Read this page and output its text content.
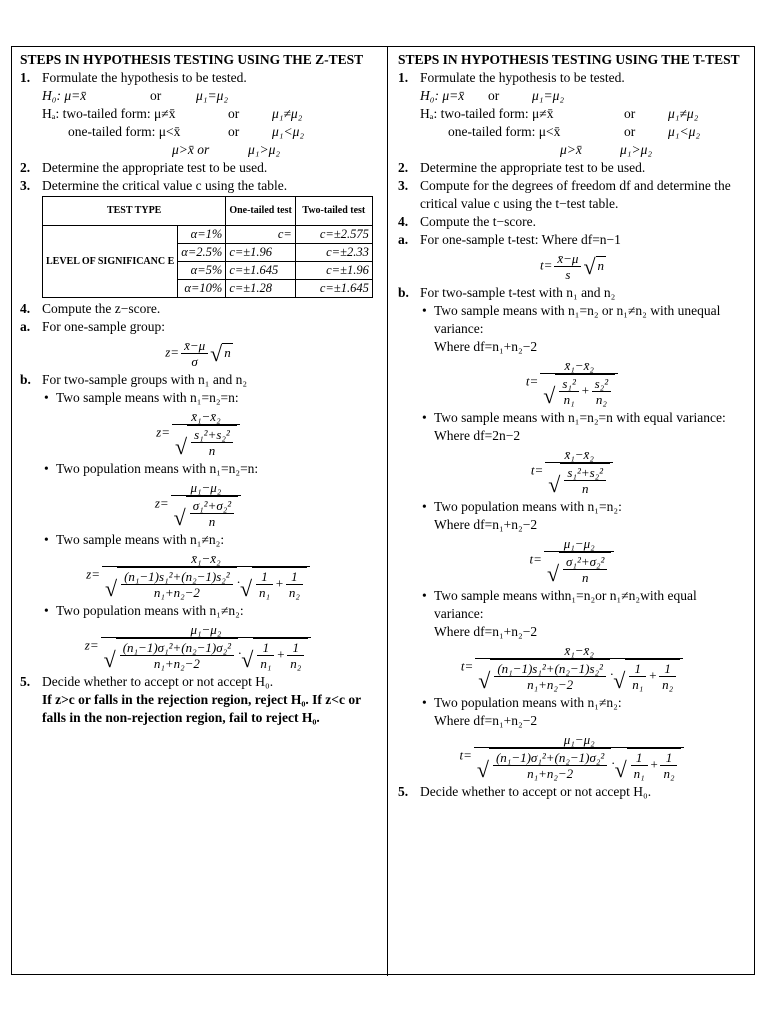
STEPS IN HYPOTHESIS TESTING USING THE Z-TEST

1. Formulate the hypothesis to be tested.
H₀: μ=x̄	or	μ₁=μ₂
Hₐ: two-tailed form: μ≠x̄	or μ₁≠μ₂
one-tailed form: μ<x̄	or μ₁<μ₂
μ>x̄ or	μ₁>μ₂
2. Determine the appropriate test to be used.
3. Determine the critical value c using the table.
TEST TYPE		One-tailed test	Two-tailed test
LEVEL OF SIGNIFICANC E	α=1%	c=	c=±2.575
	α=2.5%	c=±1.96	c=±2.33
	α=5%	c=±1.645	c=±1.96
	α=10%	c=±1.28	c=±1.645
4. Compute the z−score.
a. For one-sample group:
$z= \frac{x̄-\mu}{\sigma}$ √ n
b. For two-sample groups with n₁ and n₂
• Two sample means with n₁=n₂=n:
$z= \frac{\text{x̄₁−x̄₂}}{√ \frac{\text{s₁²+s₂²}}{n}}$
• Two population means with n₁=n₂=n:
$z= \frac{\text{μ₁−μ₂}}{√ \frac{\text{σ₁²+σ₂²}}{n}}$
• Two sample means with n₁≠n₂:
$z= \frac{\text{x̄₁−x̄₂}}{√ \frac{\text{(n₁−1)s₁²+(n₂−1)s₂²}}{\text{n₁+n₂−2}} \cdot √ \frac{1}{\text{n₁}} + \frac{1}{\text{n₂}}}$
• Two population means with n₁≠n₂:
$z= \frac{\text{μ₁−μ₂}}{√ \frac{\text{(n₁−1)σ₁²+(n₂−1)σ₂²}}{\text{n₁+n₂−2}} \cdot √ \frac{1}{\text{n₁}} + \frac{1}{\text{n₂}}}$
5. Decide whether to accept or not accept H₀.
If z>c or falls in the rejection region, reject H₀. If z<c or falls in the non-rejection region, fail to reject H₀.

STEPS IN HYPOTHESIS TESTING USING THE T-TEST

1. Formulate the hypothesis to be tested.
H₀: μ=x̄ or μ₁=μ₂
Hₐ: two-tailed form: μ≠x̄	or μ₁≠μ₂
one-tailed form: μ<x̄	or μ₁<μ₂
μ>x̄	μ₁>μ₂
2. Determine the appropriate test to be used.
3. Compute for the degrees of freedom df and determine the critical value c using the t−test table.
4. Compute the t−score.
a. For one-sample t-test: Where df=n−1
$t= \frac{x̄-\mu}{s}$ √ n
b. For two-sample t-test with n₁ and n₂
• Two sample means with n₁=n₂ or n₁≠n₂ with unequal variance:
Where df=n₁+n₂−2
$t= \frac{\text{x̄₁−x̄₂}}{√ \frac{\text{s₁²}}{\text{n₁}} + \frac{\text{s₂²}}{\text{n₂}}}$
• Two sample means with n₁=n₂=n with equal variance:
Where df=2n−2
$t= \frac{\text{x̄₁−x̄₂}}{√ \frac{\text{s₁²+s₂²}}{n}}$
• Two population means with n₁=n₂:
Where df=n₁+n₂−2
$t= \frac{\text{μ₁−μ₂}}{√ \frac{\text{σ₁²+σ₂²}}{n}}$
• Two sample means withn₁=n₂or n₁≠n₂with equal variance:
Where df=n₁+n₂−2
$t= \frac{\text{x̄₁−x̄₂}}{√ \frac{\text{(n₁−1)s₁²+(n₂−1)s₂²}}{\text{n₁+n₂−2}} \cdot √ \frac{1}{\text{n₁}} + \frac{1}{\text{n₂}}}$
• Two population means with n₁≠n₂:
Where df=n₁+n₂−2
$t= \frac{\text{μ₁−μ₂}}{√ \frac{\text{(n₁−1)σ₁²+(n₂−1)σ₂²}}{\text{n₁+n₂−2}} \cdot √ \frac{1}{\text{n₁}} + \frac{1}{\text{n₂}}}$
5. Decide whether to accept or not accept H₀.
